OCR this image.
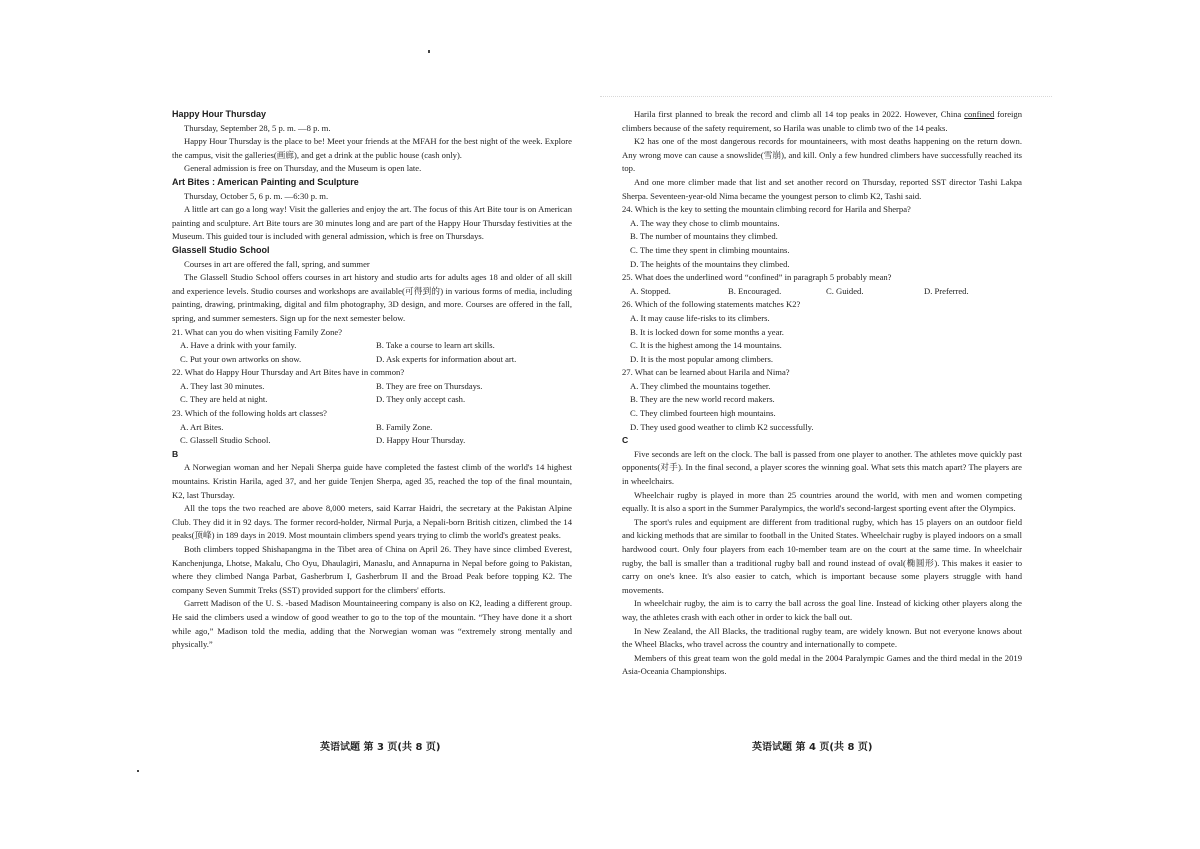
Happy Hour Thursday

Thursday, September 28, 5 p. m. —8 p. m.

Happy Hour Thursday is the place to be! Meet your friends at the MFAH for the best night of the week. Explore the campus, visit the galleries(画廊), and get a drink at the public house (cash only).

General admission is free on Thursday, and the Museum is open late.

Art Bites : American Painting and Sculpture

Thursday, October 5, 6 p. m. —6:30 p. m.

A little art can go a long way! Visit the galleries and enjoy the art. The focus of this Art Bite tour is on American painting and sculpture. Art Bite tours are 30 minutes long and are part of the Happy Hour Thursday festivities at the Museum. This guided tour is included with general admission, which is free on Thursdays.

Glassell Studio School

Courses in art are offered the fall, spring, and summer

The Glassell Studio School offers courses in art history and studio arts for adults ages 18 and older of all skill and experience levels. Studio courses and workshops are available(可得到的) in various forms of media, including painting, drawing, printmaking, digital and film photography, 3D design, and more. Courses are offered in the fall, spring, and summer semesters. Sign up for the next semester below.

21. What can you do when visiting Family Zone?

A. Have a drink with your family.	B. Take a course to learn art skills.
C. Put your own artworks on show.	D. Ask experts for information about art.

22. What do Happy Hour Thursday and Art Bites have in common?

A. They last 30 minutes.	B. They are free on Thursdays.
C. They are held at night.	D. They only accept cash.

23. Which of the following holds art classes?

A. Art Bites.	B. Family Zone.
C. Glassell Studio School.	D. Happy Hour Thursday.

B

A Norwegian woman and her Nepali Sherpa guide have completed the fastest climb of the world's 14 highest mountains. Kristin Harila, aged 37, and her guide Tenjen Sherpa, aged 35, reached the top of the final mountain, K2, last Thursday.

All the tops the two reached are above 8,000 meters, said Karrar Haidri, the secretary at the Pakistan Alpine Club. They did it in 92 days. The former record-holder, Nirmal Purja, a Nepali-born British citizen, climbed the 14 peaks(顶峰) in 189 days in 2019. Most mountain climbers spend years trying to climb the world's greatest peaks.

Both climbers topped Shishapangma in the Tibet area of China on April 26. They have since climbed Everest, Kanchenjunga, Lhotse, Makalu, Cho Oyu, Dhaulagiri, Manaslu, and Annapurna in Nepal before going to Pakistan, where they climbed Nanga Parbat, Gasherbrum I, Gasherbrum II and the Broad Peak before topping K2. The company Seven Summit Treks (SST) provided support for the climbers' efforts.

Garrett Madison of the U. S. -based Madison Mountaineering company is also on K2, leading a different group. He said the climbers used a window of good weather to go to the top of the mountain. “They have done it a short while ago,” Madison told the media, adding that the Norwegian woman was “extremely strong mentally and physically.”

Harila first planned to break the record and climb all 14 top peaks in 2022. However, China confined foreign climbers because of the safety requirement, so Harila was unable to climb two of the 14 peaks.

K2 has one of the most dangerous records for mountaineers, with most deaths happening on the return down. Any wrong move can cause a snowslide(雪崩), and kill. Only a few hundred climbers have successfully reached its top.

And one more climber made that list and set another record on Thursday, reported SST director Tashi Lakpa Sherpa. Seventeen-year-old Nima became the youngest person to climb K2, Tashi said.

24. Which is the key to setting the mountain climbing record for Harila and Sherpa?

A. The way they chose to climb mountains.
B. The number of mountains they climbed.
C. The time they spent in climbing mountains.
D. The heights of the mountains they climbed.

25. What does the underlined word “confined” in paragraph 5 probably mean?

A. Stopped.	B. Encouraged.	C. Guided.	D. Preferred.

26. Which of the following statements matches K2?

A. It may cause life-risks to its climbers.
B. It is locked down for some months a year.
C. It is the highest among the 14 mountains.
D. It is the most popular among climbers.

27. What can be learned about Harila and Nima?

A. They climbed the mountains together.
B. They are the new world record makers.
C. They climbed fourteen high mountains.
D. They used good weather to climb K2 successfully.

C

Five seconds are left on the clock. The ball is passed from one player to another. The athletes move quickly past opponents(对手). In the final second, a player scores the winning goal. What sets this match apart? The players are in wheelchairs.

Wheelchair rugby is played in more than 25 countries around the world, with men and women competing equally. It is also a sport in the Summer Paralympics, the world's second-largest sporting event after the Olympics.

The sport's rules and equipment are different from traditional rugby, which has 15 players on an outdoor field and kicking methods that are similar to football in the United States. Wheelchair rugby is played indoors on a small hardwood court. Only four players from each 10-member team are on the court at the same time. In wheelchair rugby, the ball is smaller than a traditional rugby ball and round instead of oval(椭圆形). This makes it easier to carry on one's knee. It's also easier to catch, which is important because some players struggle with hand movements.

In wheelchair rugby, the aim is to carry the ball across the goal line. Instead of kicking other players along the way, the athletes crash with each other in order to kick the ball out.

In New Zealand, the All Blacks, the traditional rugby team, are widely known. But not everyone knows about the Wheel Blacks, who travel across the country and internationally to compete.

Members of this great team won the gold medal in the 2004 Paralympic Games and the third medal in the 2019 Asia-Oceania Championships.

英语试题 第 3 页(共 8 页)	英语试题 第 4 页(共 8 页)
